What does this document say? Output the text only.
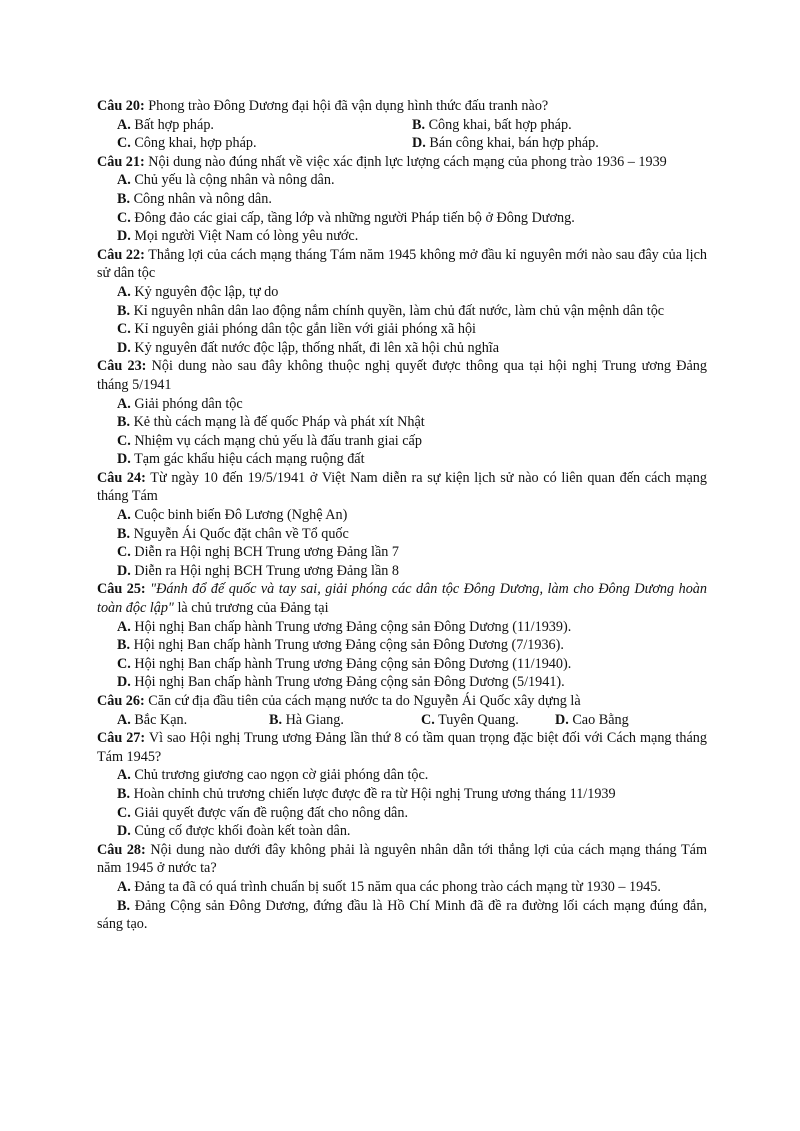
Câu 20: Phong trào Đông Dương đại hội đã vận dụng hình thức đấu tranh nào?
A. Bất hợp pháp.	B. Công khai, bất hợp pháp.
C. Công khai, hợp pháp.	D. Bán công khai, bán hợp pháp.
Câu 21: Nội dung nào đúng nhất về việc xác định lực lượng cách mạng của phong trào 1936 – 1939
A. Chủ yếu là cộng nhân và nông dân.
B. Công nhân và nông dân.
C. Đông đảo các giai cấp, tầng lớp và những người Pháp tiến bộ ở Đông Dương.
D. Mọi người Việt Nam có lòng yêu nước.
Câu 22: Thắng lợi của cách mạng tháng Tám năm 1945 không mở đầu kỉ nguyên mới nào sau đây của lịch sử dân tộc
A. Kỷ nguyên độc lập, tự do
B. Kỉ nguyên nhân dân lao động nắm chính quyền, làm chủ đất nước, làm chủ vận mệnh dân tộc
C. Kỉ nguyên giải phóng dân tộc gắn liền với giải phóng xã hội
D. Kỷ nguyên đất nước độc lập, thống nhất, đi lên xã hội chủ nghĩa
Câu 23: Nội dung nào sau đây không thuộc nghị quyết được thông qua tại hội nghị Trung ương Đảng tháng 5/1941
A. Giải phóng dân tộc
B. Kẻ thù cách mạng là đế quốc Pháp và phát xít Nhật
C. Nhiệm vụ cách mạng chủ yếu là đấu tranh giai cấp
D. Tạm gác khẩu hiệu cách mạng ruộng đất
Câu 24: Từ ngày 10 đến 19/5/1941 ở Việt Nam diễn ra sự kiện lịch sử nào có liên quan đến cách mạng tháng Tám
A. Cuộc binh biến Đô Lương (Nghệ An)
B. Nguyễn Ái Quốc đặt chân về Tổ quốc
C. Diễn ra Hội nghị BCH Trung ương Đảng lần 7
D. Diễn ra Hội nghị BCH Trung ương Đảng lần 8
Câu 25: "Đánh đổ đế quốc và tay sai, giải phóng các dân tộc Đông Dương, làm cho Đông Dương hoàn toàn độc lập" là chủ trương của Đảng tại
A. Hội nghị Ban chấp hành Trung ương Đảng cộng sản Đông Dương (11/1939).
B. Hội nghị Ban chấp hành Trung ương Đảng cộng sản Đông Dương (7/1936).
C. Hội nghị Ban chấp hành Trung ương Đảng cộng sản Đông Dương (11/1940).
D. Hội nghị Ban chấp hành Trung ương Đảng cộng sản Đông Dương (5/1941).
Câu 26: Căn cứ địa đầu tiên của cách mạng nước ta do Nguyễn Ái Quốc xây dựng là
A. Bắc Kạn.	B. Hà Giang.	C. Tuyên Quang.	D. Cao Bằng
Câu 27: Vì sao Hội nghị Trung ương Đảng lần thứ 8 có tầm quan trọng đặc biệt đối với Cách mạng tháng Tám 1945?
A. Chủ trương giương cao ngọn cờ giải phóng dân tộc.
B. Hoàn chỉnh chủ trương chiến lược được đề ra từ Hội nghị Trung ương tháng 11/1939
C. Giải quyết được vấn đề ruộng đất cho nông dân.
D. Củng cố được khối đoàn kết toàn dân.
Câu 28: Nội dung nào dưới đây không phải là nguyên nhân dẫn tới thắng lợi của cách mạng tháng Tám năm 1945 ở nước ta?
A. Đảng ta đã có quá trình chuẩn bị suốt 15 năm qua các phong trào cách mạng từ 1930 – 1945.
B. Đảng Cộng sản Đông Dương, đứng đầu là Hồ Chí Minh đã đề ra đường lối cách mạng đúng đắn, sáng tạo.
